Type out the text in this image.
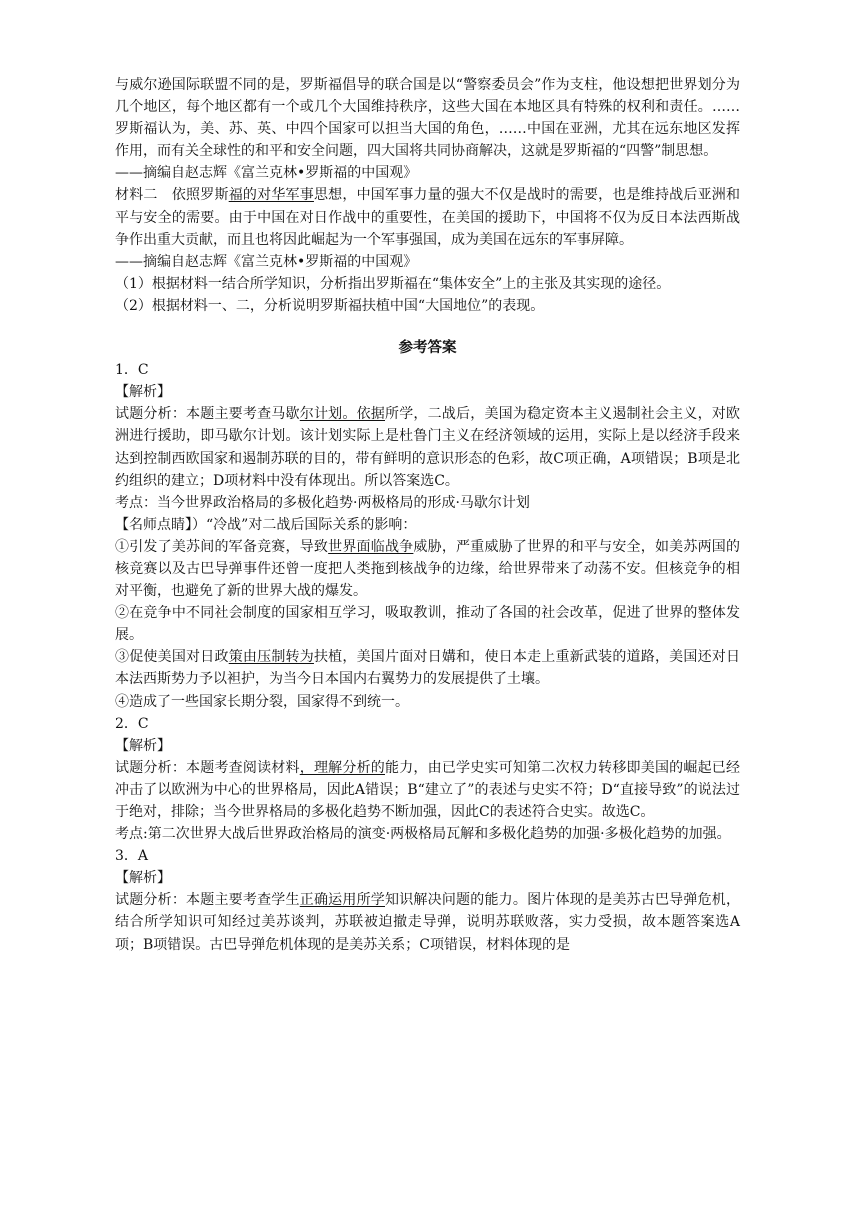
与威尔逊国际联盟不同的是，罗斯福倡导的联合国是以“警察委员会”作为支柱，他设想把世界划分为几个地区，每个地区都有一个或几个大国维持秩序，这些大国在本地区具有特殊的权利和责任。……罗斯福认为，美、苏、英、中四个国家可以担当大国的角色，……中国在亚洲，尤其在远东地区发挥作用，而有关全球性的和平和安全问题，四大国将共同协商解决，这就是罗斯福的“四警”制思想。

——摘编自赵志辉《富兰克林•罗斯福的中国观》

材料二　依照罗斯福的对华军事思想，中国军事力量的强大不仅是战时的需要，也是维持战后亚洲和平与安全的需要。由于中国在对日作战中的重要性，在美国的援助下，中国将不仅为反日本法西斯战争作出重大贡献，而且也将因此崛起为一个军事强国，成为美国在远东的军事屏障。

——摘编自赵志辉《富兰克林•罗斯福的中国观》

（1）根据材料一结合所学知识，分析指出罗斯福在“集体安全”上的主张及其实现的途径。

（2）根据材料一、二，分析说明罗斯福扶植中国“大国地位”的表现。

参考答案

1．C

【解析】

试题分析：本题主要考查马歇尔计划。依据所学，二战后，美国为稳定资本主义遏制社会主义，对欧洲进行援助，即马歇尔计划。该计划实际上是杜鲁门主义在经济领域的运用，实际上是以经济手段来达到控制西欧国家和遏制苏联的目的，带有鲜明的意识形态的色彩，故C项正确，A项错误；B项是北约组织的建立；D项材料中没有体现出。所以答案选C。

考点：当今世界政治格局的多极化趋势·两极格局的形成·马歇尔计划

【名师点睛】）“冷战”对二战后国际关系的影响：

①引发了美苏间的军备竞赛，导致世界面临战争威胁，严重威胁了世界的和平与安全，如美苏两国的核竞赛以及古巴导弹事件还曾一度把人类拖到核战争的边缘，给世界带来了动荡不安。但核竞争的相对平衡，也避免了新的世界大战的爆发。

②在竞争中不同社会制度的国家相互学习，吸取教训，推动了各国的社会改革，促进了世界的整体发展。

③促使美国对日政策由压制转为扶植，美国片面对日媾和，使日本走上重新武装的道路，美国还对日本法西斯势力予以袒护，为当今日本国内右翼势力的发展提供了土壤。

④造成了一些国家长期分裂，国家得不到统一。

2．C

【解析】

试题分析：本题考查阅读材料，理解分析的能力，由已学史实可知第二次权力转移即美国的崛起已经冲击了以欧洲为中心的世界格局，因此A错误；B“建立了”的表述与史实不符；D“直接导致”的说法过于绝对，排除；当今世界格局的多极化趋势不断加强，因此C的表述符合史实。故选C。

考点:第二次世界大战后世界政治格局的演变·两极格局瓦解和多极化趋势的加强·多极化趋势的加强。

3．A

【解析】

试题分析：本题主要考查学生正确运用所学知识解决问题的能力。图片体现的是美苏古巴导弹危机，结合所学知识可知经过美苏谈判，苏联被迫撤走导弹，说明苏联败落，实力受损，故本题答案选A项；B项错误。古巴导弹危机体现的是美苏关系；C项错误，材料体现的是
